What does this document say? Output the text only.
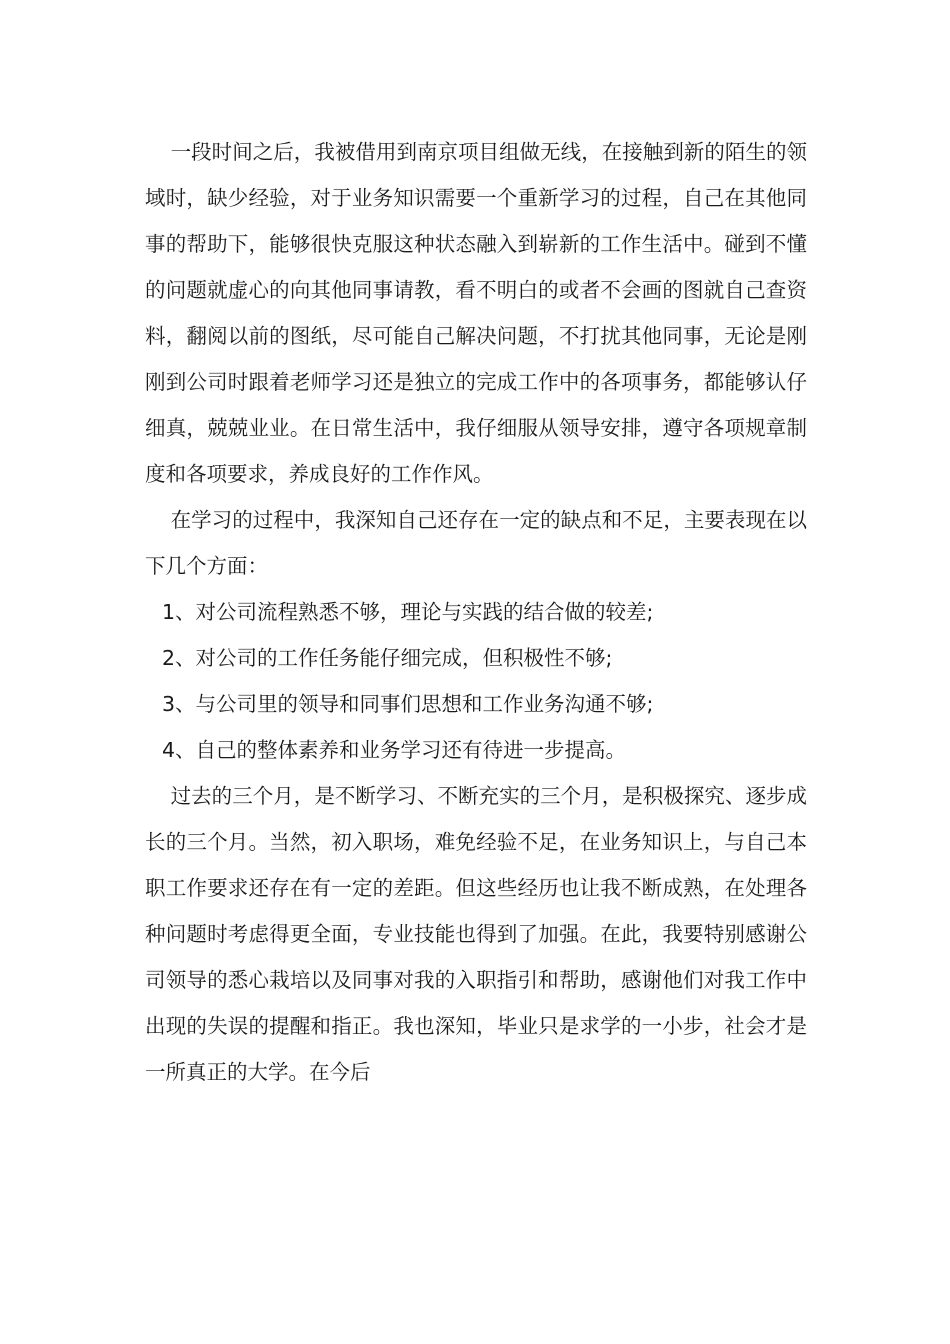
一段时间之后，我被借用到南京项目组做无线，在接触到新的陌生的领域时，缺少经验，对于业务知识需要一个重新学习的过程，自己在其他同事的帮助下，能够很快克服这种状态融入到崭新的工作生活中。碰到不懂的问题就虚心的向其他同事请教，看不明白的或者不会画的图就自己查资料，翻阅以前的图纸，尽可能自己解决问题，不打扰其他同事，无论是刚刚到公司时跟着老师学习还是独立的完成工作中的各项事务，都能够认仔细真，兢兢业业。在日常生活中，我仔细服从领导安排，遵守各项规章制度和各项要求，养成良好的工作作风。

在学习的过程中，我深知自己还存在一定的缺点和不足，主要表现在以下几个方面：

1、对公司流程熟悉不够，理论与实践的结合做的较差;

2、对公司的工作任务能仔细完成，但积极性不够;

3、与公司里的领导和同事们思想和工作业务沟通不够;

4、自己的整体素养和业务学习还有待进一步提高。

过去的三个月，是不断学习、不断充实的三个月，是积极探究、逐步成长的三个月。当然，初入职场，难免经验不足，在业务知识上，与自己本职工作要求还存在有一定的差距。但这些经历也让我不断成熟，在处理各种问题时考虑得更全面，专业技能也得到了加强。在此，我要特别感谢公司领导的悉心栽培以及同事对我的入职指引和帮助，感谢他们对我工作中出现的失误的提醒和指正。我也深知，毕业只是求学的一小步，社会才是一所真正的大学。在今后
